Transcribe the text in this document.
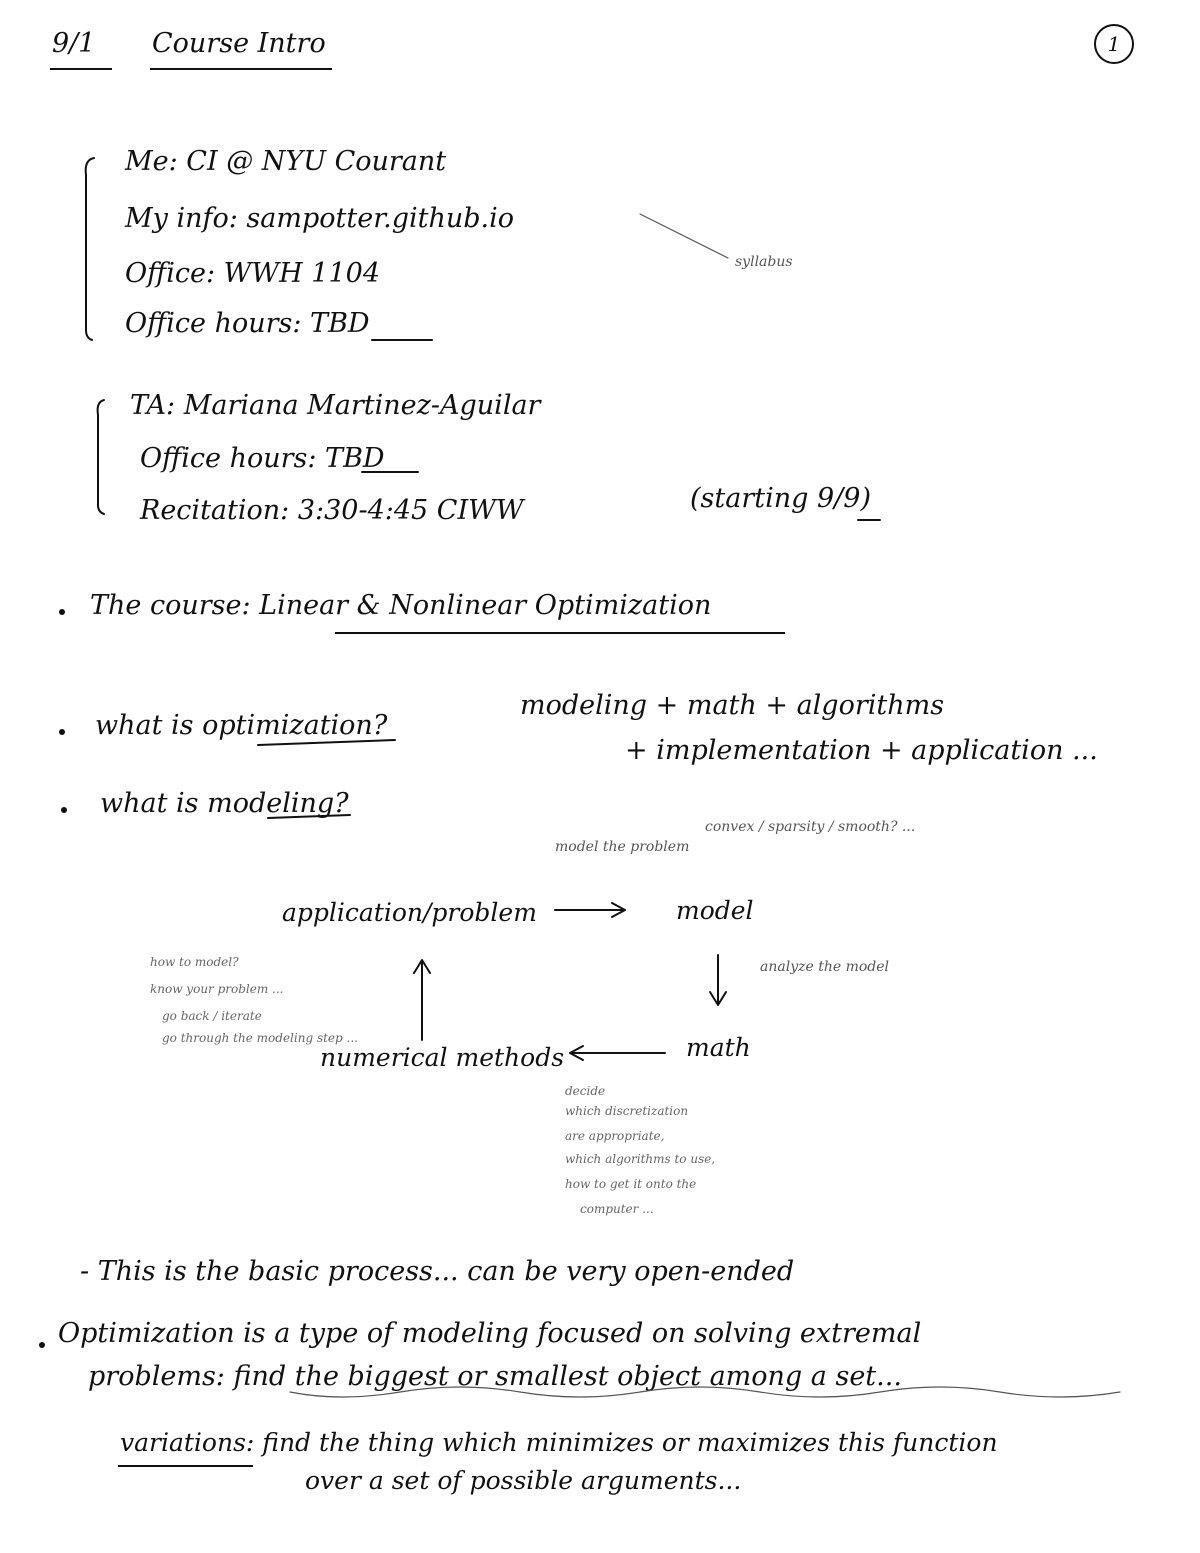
9/1 Course Intro	1
Me: CI @ NYU Courant
My info: sampotter.github.io
syllabus
Office: WWH 1104
Office hours: TBD
TA: Mariana Martinez-Aguilar
Office hours: TBD
Recitation: 3:30-4:45 CIWW	(starting 9/9)
The course: Linear & Nonlinear Optimization
what is optimization?
modeling + math + algorithms
+ implementation + application ...
what is modeling?
model the problem
convex / sparsity / smooth? ...
application/problem	model
analyze the model
math
numerical methods
how to model?
know your problem ...
go back / iterate
go through the modeling step ...
decide
which discretization
are appropriate,
which algorithms to use,
how to get it onto the
computer ...
- This is the basic process... can be very open-ended
Optimization is a type of modeling focused on solving extremal
problems: find the biggest or smallest object among a set...
variations: find the thing which minimizes or maximizes this function
over a set of possible arguments...
